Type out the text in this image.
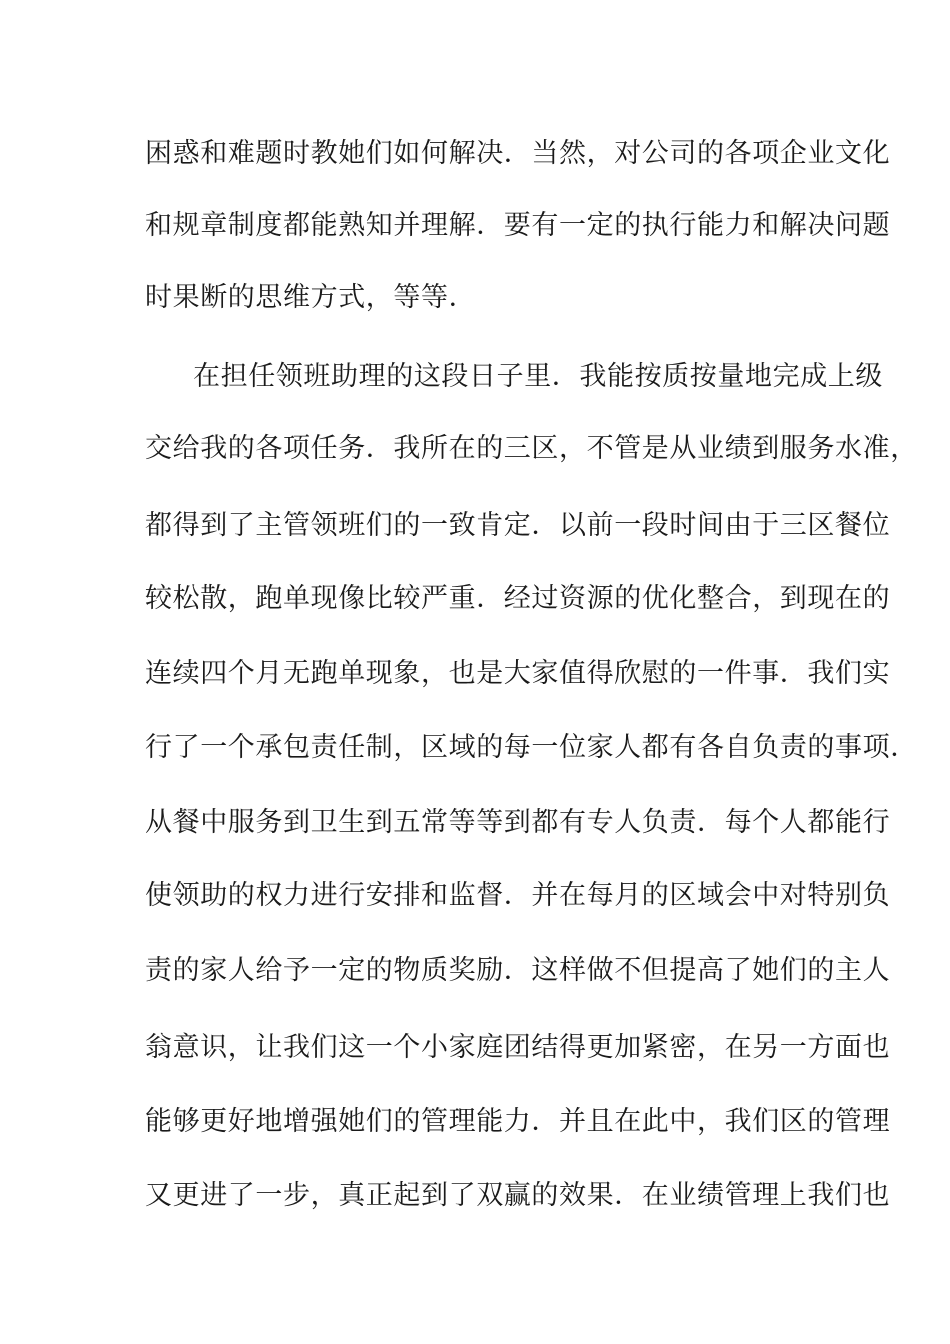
困惑和难题时教她们如何解决．当然，对公司的各项企业文化
和规章制度都能熟知并理解．要有一定的执行能力和解决问题
时果断的思维方式，等等．
在担任领班助理的这段日子里．我能按质按量地完成上级
交给我的各项任务．我所在的三区，不管是从业绩到服务水准，
都得到了主管领班们的一致肯定．以前一段时间由于三区餐位
较松散，跑单现像比较严重．经过资源的优化整合，到现在的
连续四个月无跑单现象，也是大家值得欣慰的一件事．我们实
行了一个承包责任制，区域的每一位家人都有各自负责的事项．
从餐中服务到卫生到五常等等到都有专人负责．每个人都能行
使领助的权力进行安排和监督．并在每月的区域会中对特别负
责的家人给予一定的物质奖励．这样做不但提高了她们的主人
翁意识，让我们这一个小家庭团结得更加紧密，在另一方面也
能够更好地增强她们的管理能力．并且在此中，我们区的管理
又更进了一步，真正起到了双赢的效果．在业绩管理上我们也
